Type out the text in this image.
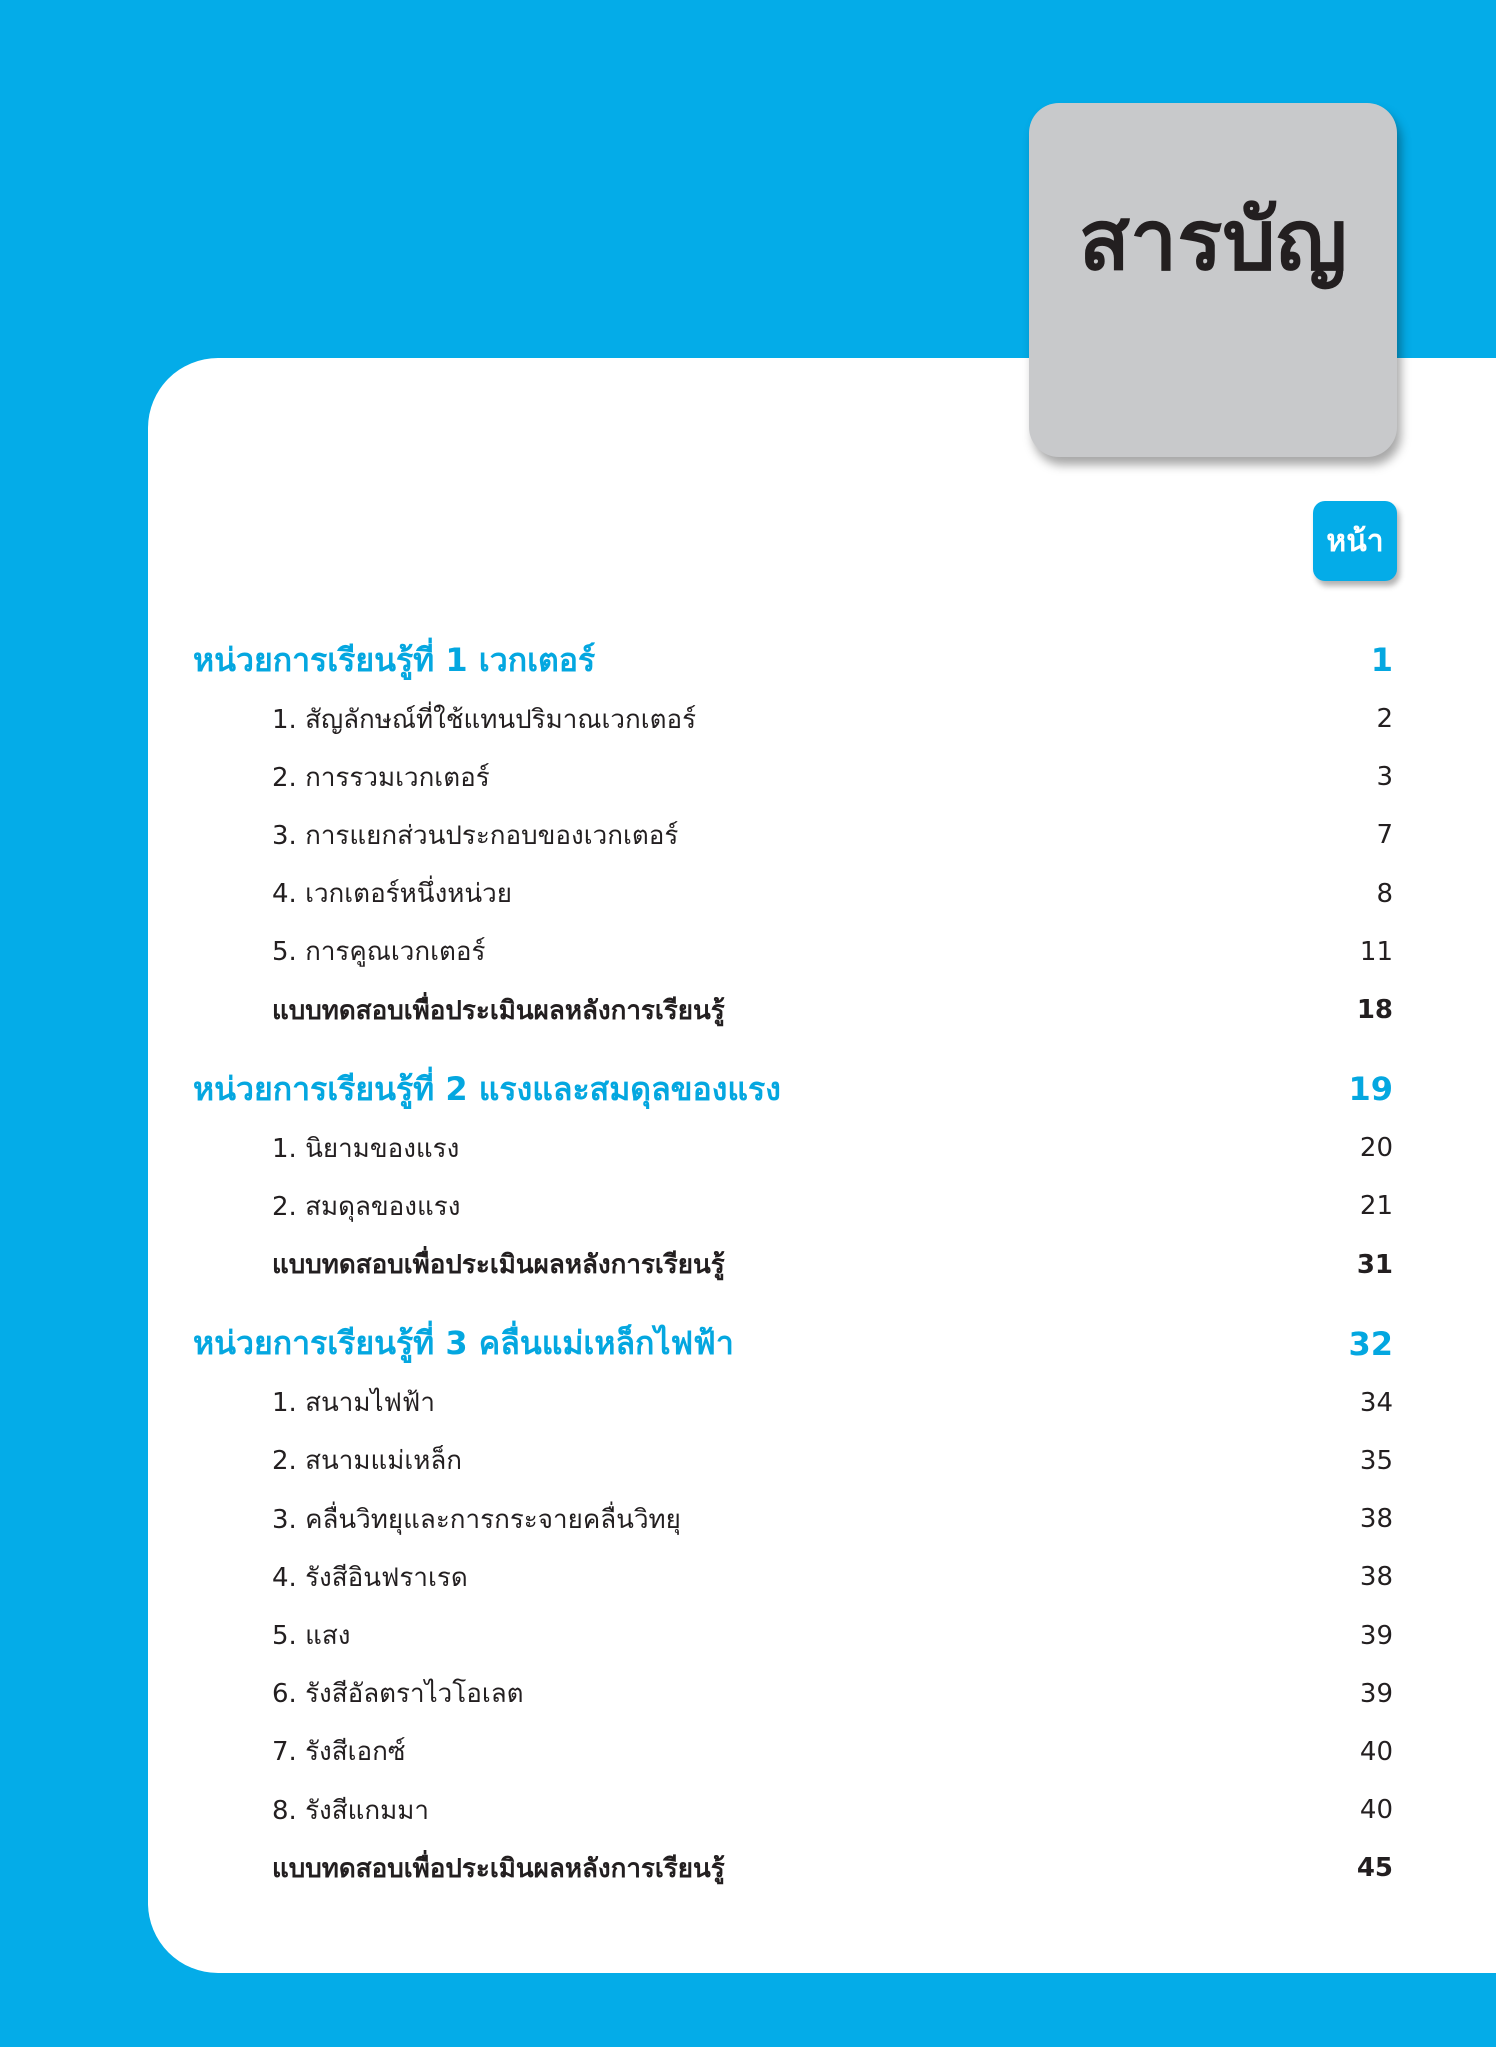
สารบัญ
หน้า
หน่วยการเรียนรู้ที่ 1 เวกเตอร์	1
1. สัญลักษณ์ที่ใช้แทนปริมาณเวกเตอร์	2
2. การรวมเวกเตอร์	3
3. การแยกส่วนประกอบของเวกเตอร์	7
4. เวกเตอร์หนึ่งหน่วย	8
5. การคูณเวกเตอร์	11
แบบทดสอบเพื่อประเมินผลหลังการเรียนรู้	18
หน่วยการเรียนรู้ที่ 2 แรงและสมดุลของแรง	19
1. นิยามของแรง	20
2. สมดุลของแรง	21
แบบทดสอบเพื่อประเมินผลหลังการเรียนรู้	31
หน่วยการเรียนรู้ที่ 3 คลื่นแม่เหล็กไฟฟ้า	32
1. สนามไฟฟ้า	34
2. สนามแม่เหล็ก	35
3. คลื่นวิทยุและการกระจายคลื่นวิทยุ	38
4. รังสีอินฟราเรด	38
5. แสง	39
6. รังสีอัลตราไวโอเลต	39
7. รังสีเอกซ์	40
8. รังสีแกมมา	40
แบบทดสอบเพื่อประเมินผลหลังการเรียนรู้	45
